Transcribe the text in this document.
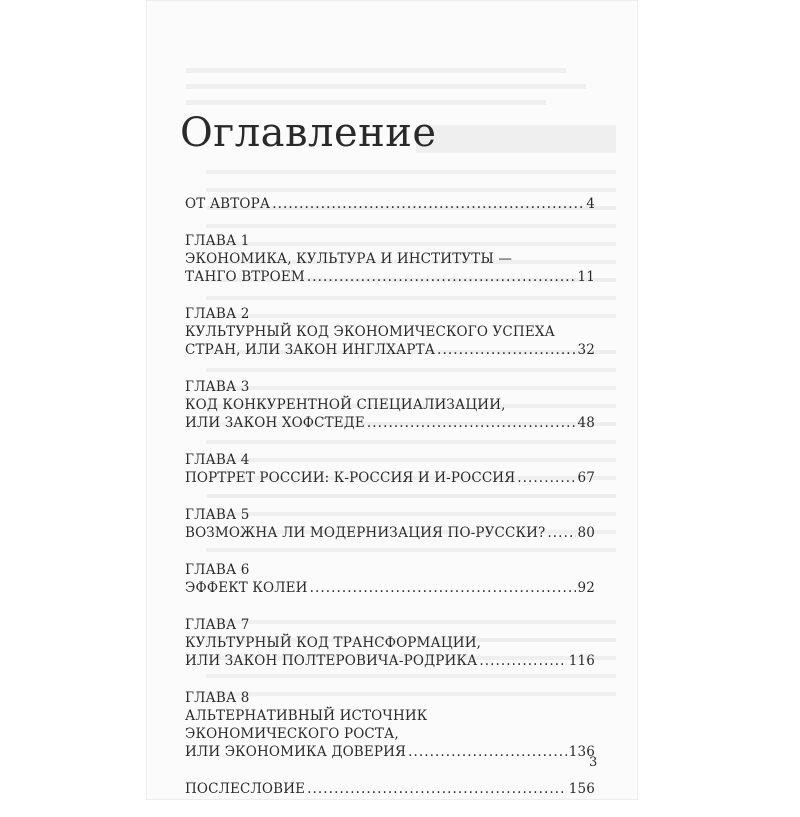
Оглавление
ОТ АВТОРА . . .	4
ГЛАВА 1
ЭКОНОМИКА, КУЛЬТУРА И ИНСТИТУТЫ —
ТАНГО ВТРОЕМ . . .	11
ГЛАВА 2
КУЛЬТУРНЫЙ КОД ЭКОНОМИЧЕСКОГО УСПЕХА
СТРАН, ИЛИ ЗАКОН ИНГЛХАРТА . . .	32
ГЛАВА 3
КОД КОНКУРЕНТНОЙ СПЕЦИАЛИЗАЦИИ,
ИЛИ ЗАКОН ХОФСТЕДЕ . . .	48
ГЛАВА 4
ПОРТРЕТ РОССИИ: К-РОССИЯ И И-РОССИЯ . . .	67
ГЛАВА 5
ВОЗМОЖНА ЛИ МОДЕРНИЗАЦИЯ ПО-РУССКИ? . . . 80
ГЛАВА 6
ЭФФЕКТ КОЛЕИ . . .	92
ГЛАВА 7
КУЛЬТУРНЫЙ КОД ТРАНСФОРМАЦИИ,
ИЛИ ЗАКОН ПОЛТЕРОВИЧА-РОДРИКА . . .	116
ГЛАВА 8
АЛЬТЕРНАТИВНЫЙ ИСТОЧНИК
ЭКОНОМИЧЕСКОГО РОСТА,
ИЛИ ЭКОНОМИКА ДОВЕРИЯ . . .	136
ПОСЛЕСЛОВИЕ . . .	156
3
